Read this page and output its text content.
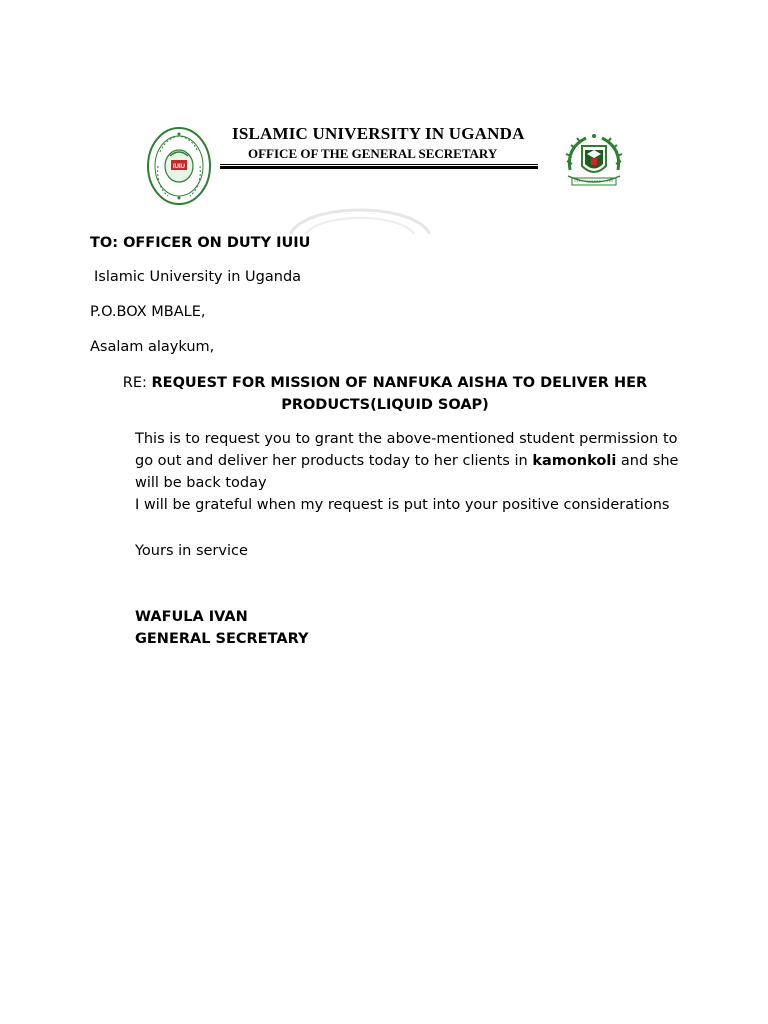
IUIU
ISLAMIC UNIVERSITY IN UGANDA
OFFICE OF THE GENERAL SECRETARY
TO: OFFICER ON DUTY IUIU
Islamic University in Uganda
P.O.BOX MBALE,
Asalam alaykum,
RE: REQUEST FOR MISSION OF NANFUKA AISHA TO DELIVER HER PRODUCTS(LIQUID SOAP)

This is to request you to grant the above-mentioned student permission to go out and deliver her products today to her clients in kamonkoli and she will be back today

I will be grateful when my request is put into your positive considerations

Yours in service
WAFULA IVAN
GENERAL SECRETARY
